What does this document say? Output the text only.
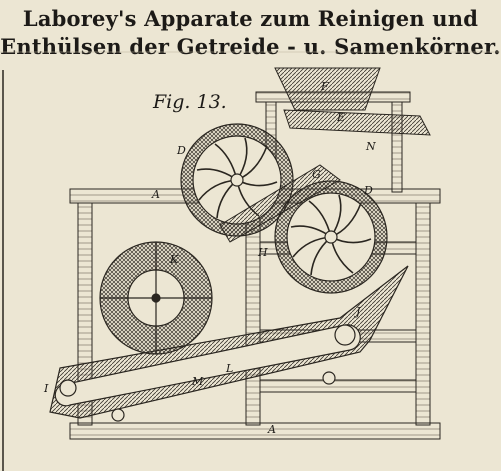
Laborey's Apparate zum Reinigen und
Enthülsen der Getreide - u. Samenkörner.
Fig. 13.
F
E
D
D
N
G
A
A
K
H
J
L
M
I
